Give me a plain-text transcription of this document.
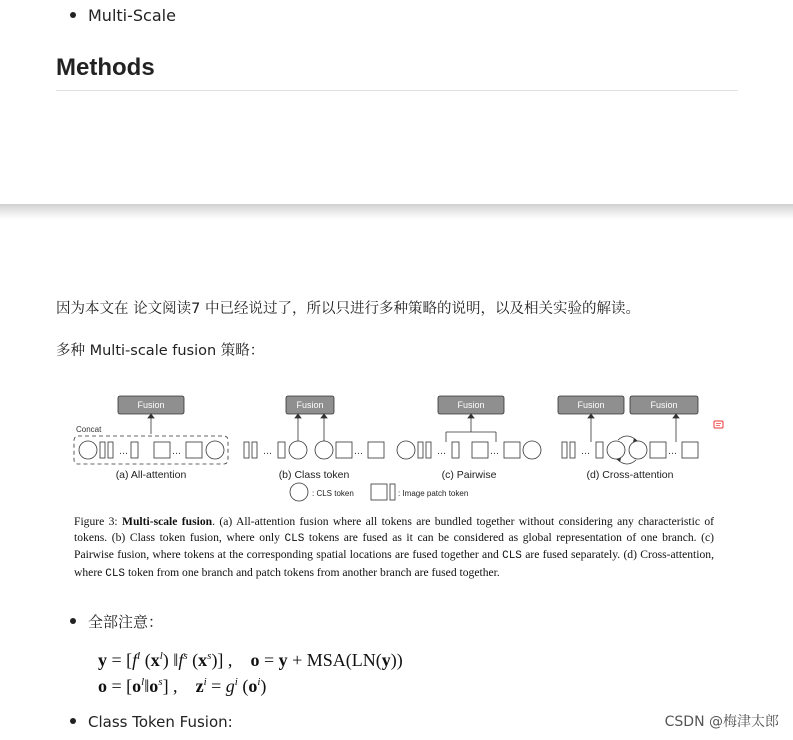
Multi-Scale
Methods
因为本文在 论文阅读7 中已经说过了，所以只进行多种策略的说明，以及相关实验的解读。
多种 Multi-scale fusion 策略：
Fusion	Fusion	Fusion	Fusion	Fusion
Concat
…	…	…	…	…	…	…	…
(a) All-attention	(b) Class token	(c) Pairwise	(d) Cross-attention
: CLS token	: Image patch token
Figure 3: Multi-scale fusion. (a) All-attention fusion where all tokens are bundled together without considering any characteristic of tokens. (b) Class token fusion, where only CLS tokens are fused as it can be considered as global representation of one branch. (c) Pairwise fusion, where tokens at the corresponding spatial locations are fused together and CLS are fused separately. (d) Cross-attention, where CLS token from one branch and patch tokens from another branch are fused together.
全部注意：
$y = [f^l$ $(x^l)$ $‖f^s$ $(x^s)$] ,    o = y + MSA(LN(y))
$o = [o^l‖o^s]$ ,    $z^i = g^i$ $(o^i)$
Class Token Fusion:	CSDN @梅津太郎
